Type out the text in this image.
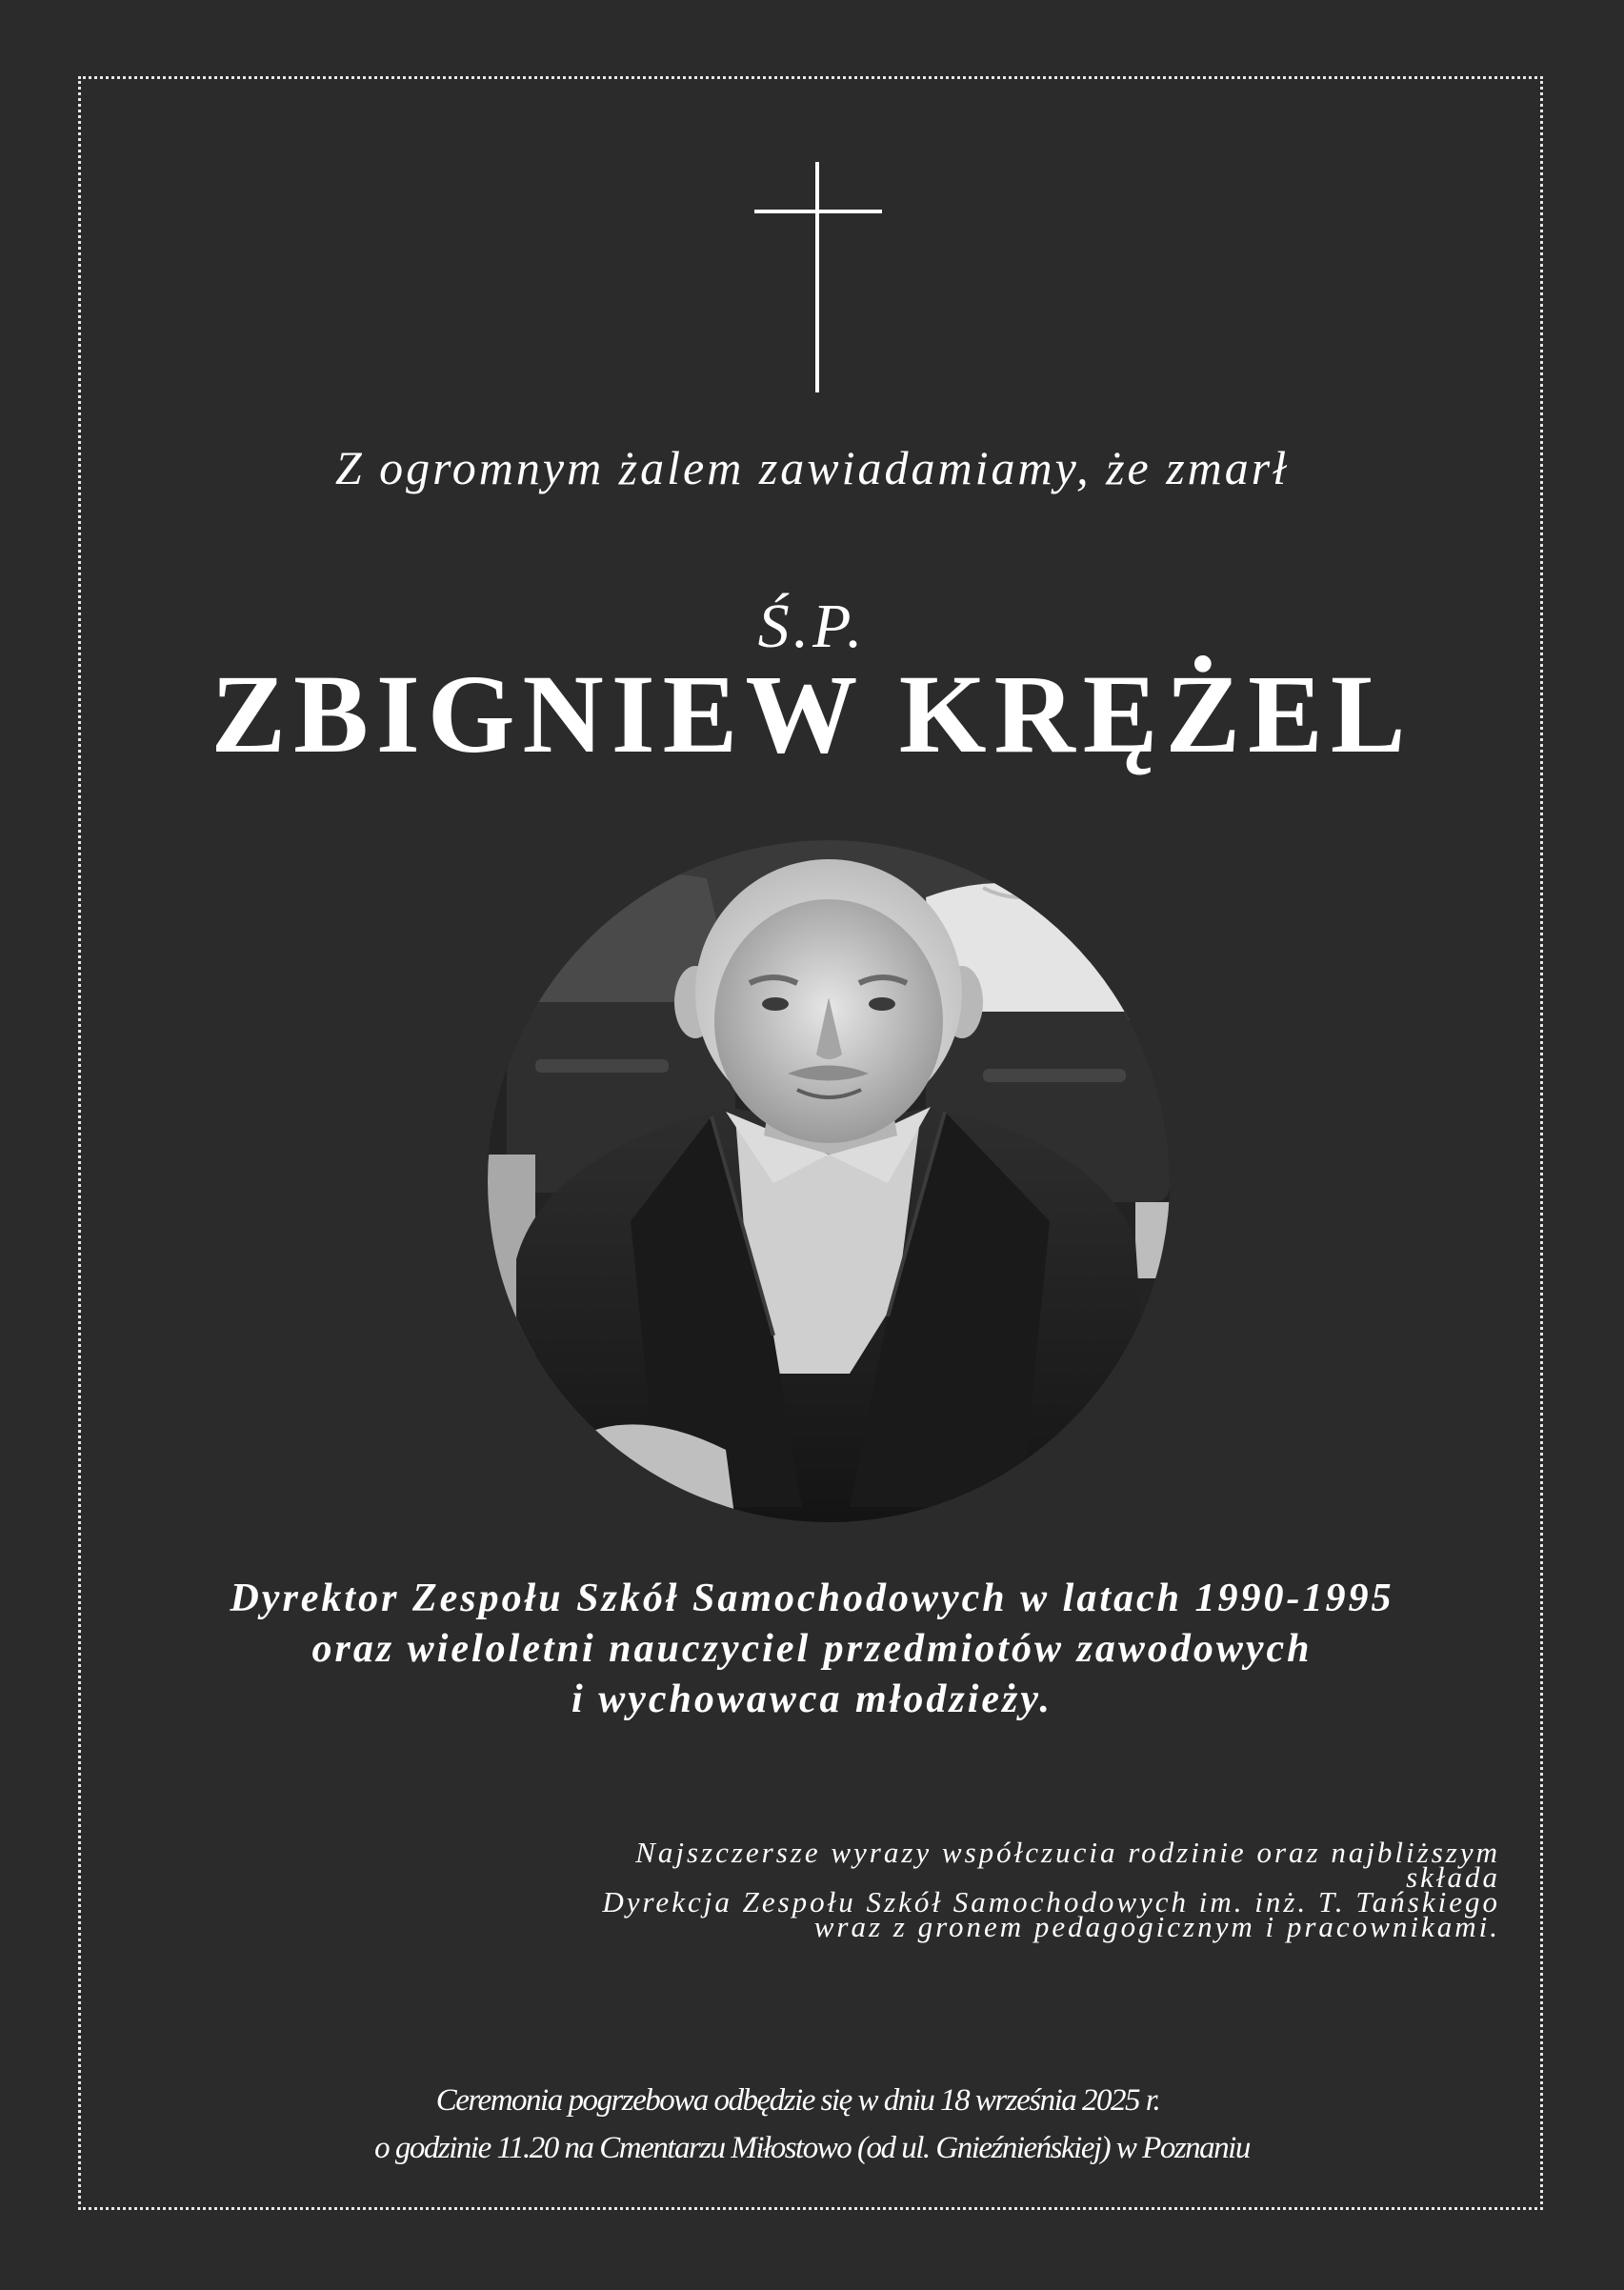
Z ogromnym żalem zawiadamiamy, że zmarł
Ś.P.
ZBIGNIEW KRĘŻEL
Dyrektor Zespołu Szkół Samochodowych w latach 1990-1995
oraz wieloletni nauczyciel przedmiotów zawodowych
i wychowawca młodzieży.
Najszczersze wyrazy współczucia rodzinie oraz najbliższym
składa
Dyrekcja Zespołu Szkół Samochodowych im. inż. T. Tańskiego
wraz z gronem pedagogicznym i pracownikami.
Ceremonia pogrzebowa odbędzie się w dniu 18 września 2025 r.
o godzinie 11.20 na Cmentarzu Miłostowo (od ul. Gnieźnieńskiej) w Poznaniu
